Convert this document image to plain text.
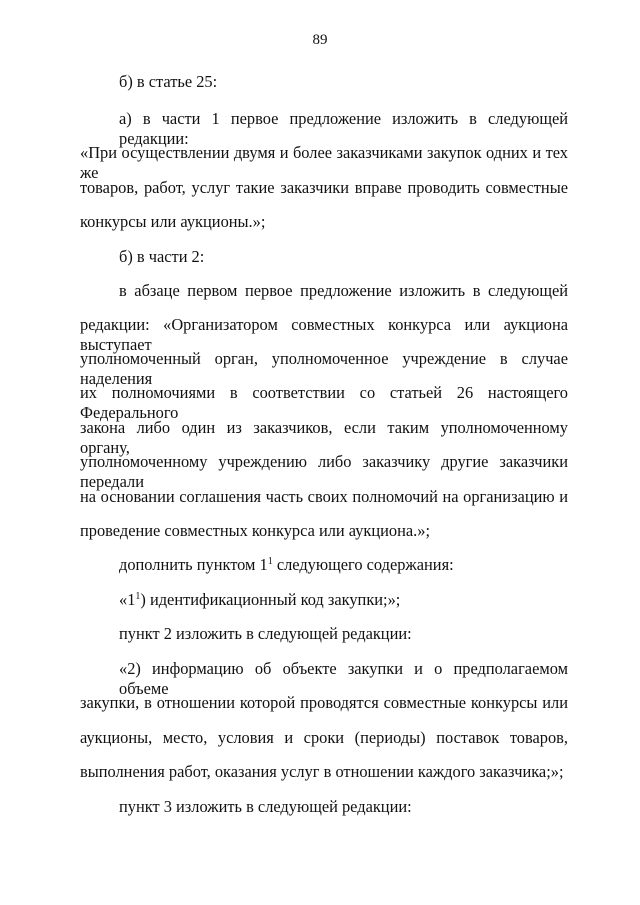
89
б) в статье 25:
а) в части 1 первое предложение изложить в следующей редакции:
«При осуществлении двумя и более заказчиками закупок одних и тех же
товаров, работ, услуг такие заказчики вправе проводить совместные
конкурсы или аукционы.»;
б) в части 2:
в абзаце первом первое предложение изложить в следующей
редакции: «Организатором совместных конкурса или аукциона выступает
уполномоченный орган, уполномоченное учреждение в случае наделения
их полномочиями в соответствии со статьей 26 настоящего Федерального
закона либо один из заказчиков, если таким уполномоченному органу,
уполномоченному учреждению либо заказчику другие заказчики передали
на основании соглашения часть своих полномочий на организацию и
проведение совместных конкурса или аукциона.»;
дополнить пунктом $1^1$ следующего содержания:
«$1^1$) идентификационный код закупки;»;
пункт 2 изложить в следующей редакции:
«2) информацию об объекте закупки и о предполагаемом объеме
закупки, в отношении которой проводятся совместные конкурсы или
аукционы, место, условия и сроки (периоды) поставок товаров,
выполнения работ, оказания услуг в отношении каждого заказчика;»;
пункт 3 изложить в следующей редакции:
